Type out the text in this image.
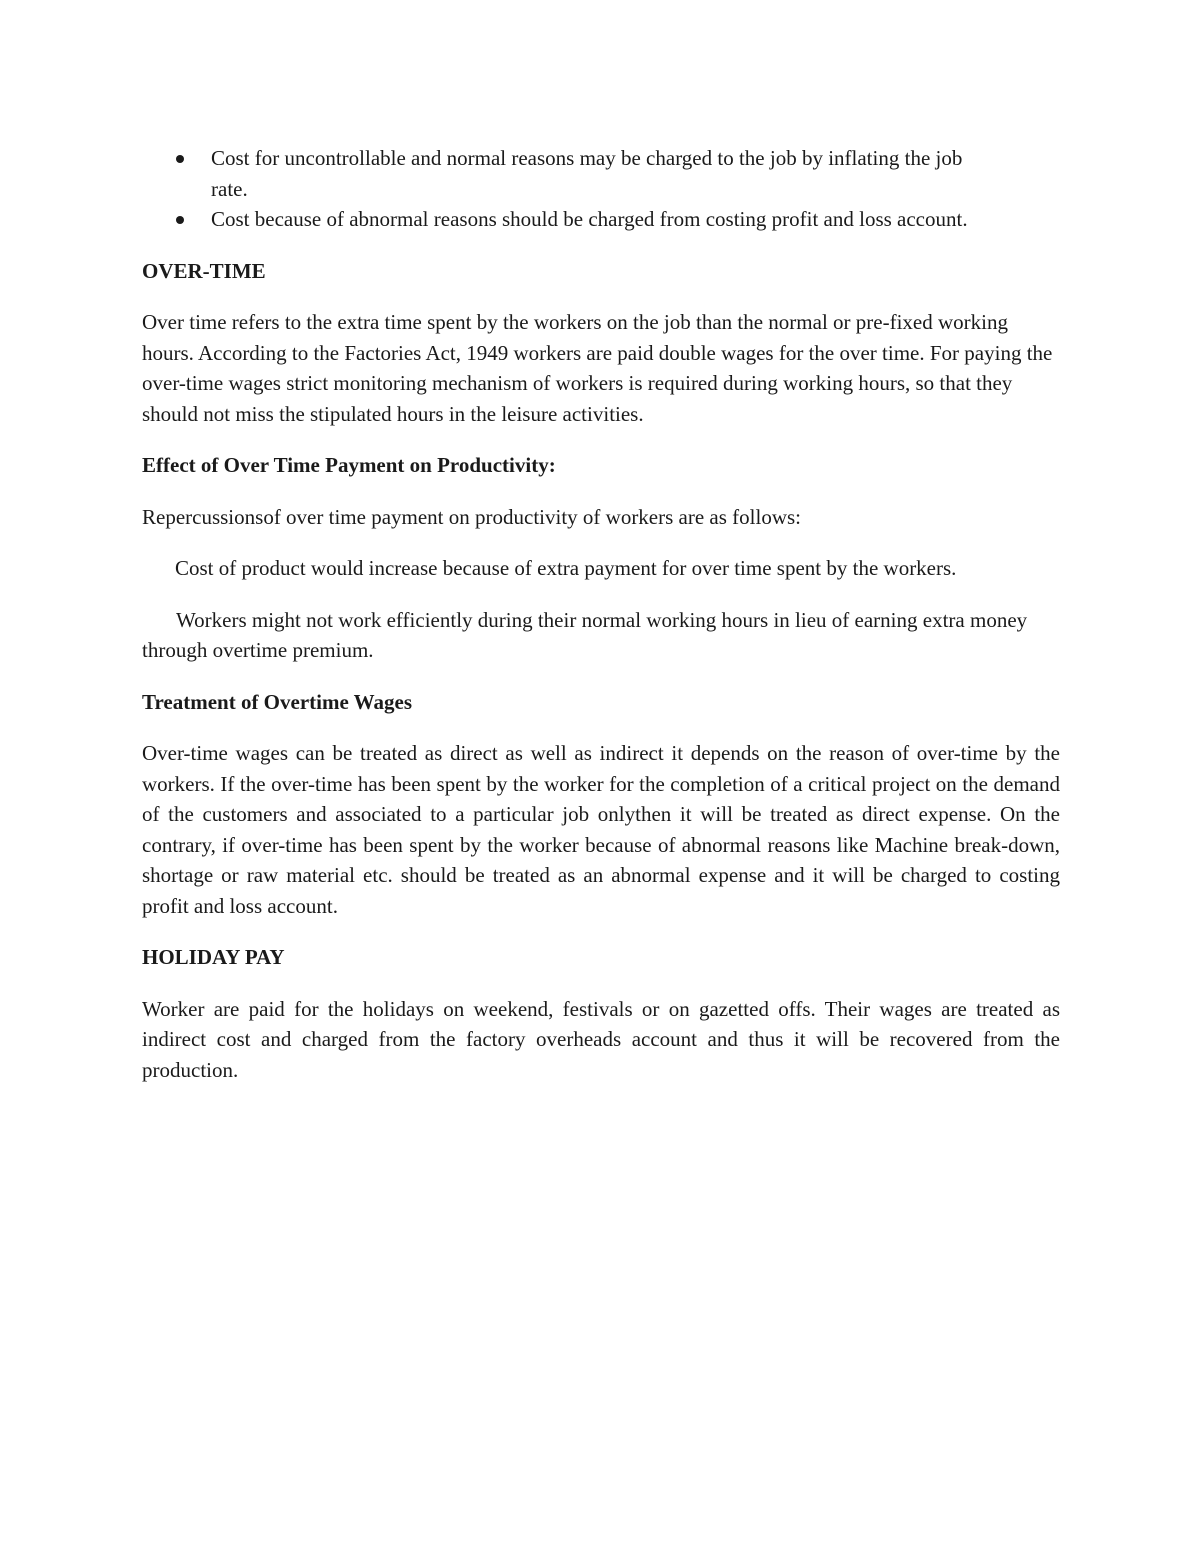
Cost for uncontrollable and normal reasons may be charged to the job by inflating the job rate.
Cost because of abnormal reasons should be charged from costing profit and loss account.

OVER-TIME

Over time refers to the extra time spent by the workers on the job than the normal or pre-fixed working hours. According to the Factories Act, 1949 workers are paid double wages for the over time. For paying the over-time wages strict monitoring mechanism of workers is required during working hours, so that they should not miss the stipulated hours in the leisure activities.

Effect of Over Time Payment on Productivity:

Repercussionsof over time payment on productivity of workers are as follows:

Cost of product would increase because of extra payment for over time spent by the workers.

Workers might not work efficiently during their normal working hours in lieu of earning extra money through overtime premium.

Treatment of Overtime Wages

Over-time wages can be treated as direct as well as indirect it depends on the reason of over-time by the workers. If the over-time has been spent by the worker for the completion of a critical project on the demand of the customers and associated to a particular job onlythen it will be treated as direct expense. On the contrary, if over-time has been spent by the worker because of abnormal reasons like Machine break-down, shortage or raw material etc. should be treated as an abnormal expense and it will be charged to costing profit and loss account.

HOLIDAY PAY

Worker are paid for the holidays on weekend, festivals or on gazetted offs. Their wages are treated as indirect cost and charged from the factory overheads account and thus it will be recovered from the production.
